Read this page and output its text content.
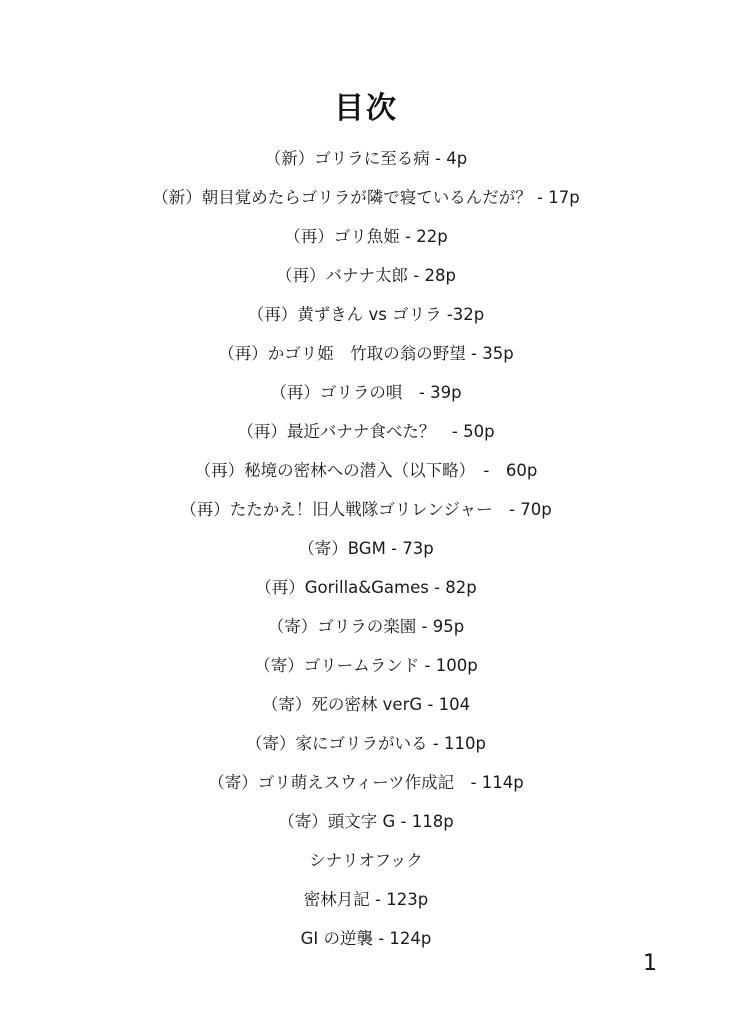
目次
（新）ゴリラに至る病 - 4p
（新）朝目覚めたらゴリラが隣で寝ているんだが？ - 17p
（再）ゴリ魚姫 - 22p
（再）バナナ太郎 - 28p
（再）黄ずきん vs ゴリラ -32p
（再）かゴリ姫　竹取の翁の野望 - 35p
（再）ゴリラの唄　- 39p
（再）最近バナナ食べた？　- 50p
（再）秘境の密林への潜入（以下略）　-　60p
（再）たたかえ！旧人戦隊ゴリレンジャー　- 70p
（寄）BGM - 73p
（再）Gorilla&Games - 82p
（寄）ゴリラの楽園 - 95p
（寄）ゴリームランド - 100p
（寄）死の密林 verG - 104
（寄）家にゴリラがいる - 110p
（寄）ゴリ萌えスウィーツ作成記　- 114p
（寄）頭文字 G - 118p
シナリオフック
密林月記 - 123p
GI の逆襲 - 124p
1
